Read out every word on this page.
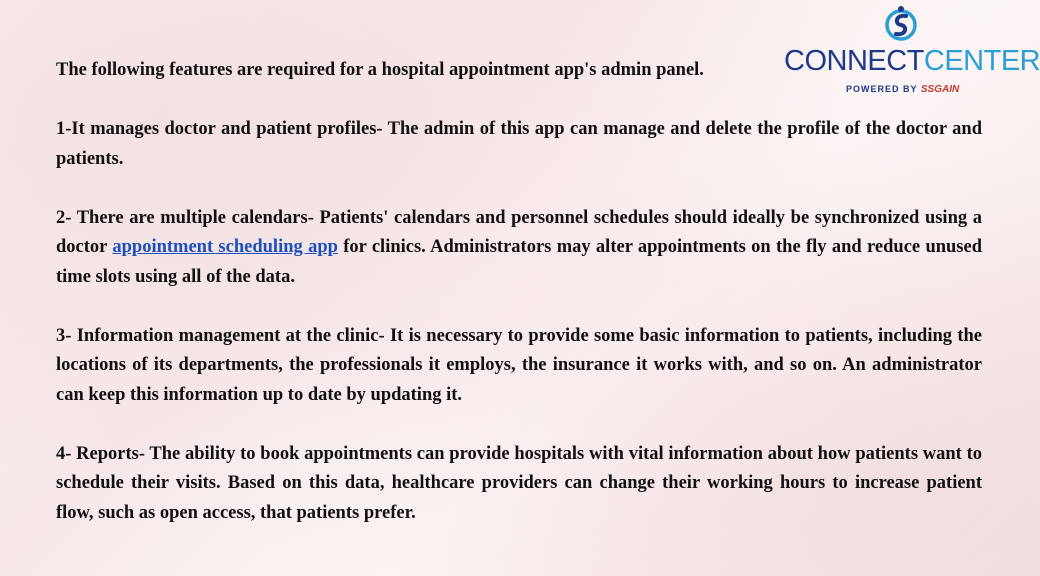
CONNECTCENTER
POWERED BY SSGAIN

The following features are required for a hospital appointment app's admin panel.

1-It manages doctor and patient profiles- The admin of this app can manage and delete the profile of the doctor and patients.

2- There are multiple calendars- Patients' calendars and personnel schedules should ideally be synchronized using a doctor appointment scheduling app for clinics. Administrators may alter appointments on the fly and reduce unused time slots using all of the data.

3- Information management at the clinic- It is necessary to provide some basic information to patients, including the locations of its departments, the professionals it employs, the insurance it works with, and so on. An administrator can keep this information up to date by updating it.

4- Reports- The ability to book appointments can provide hospitals with vital information about how patients want to schedule their visits. Based on this data, healthcare providers can change their working hours to increase patient flow, such as open access, that patients prefer.
